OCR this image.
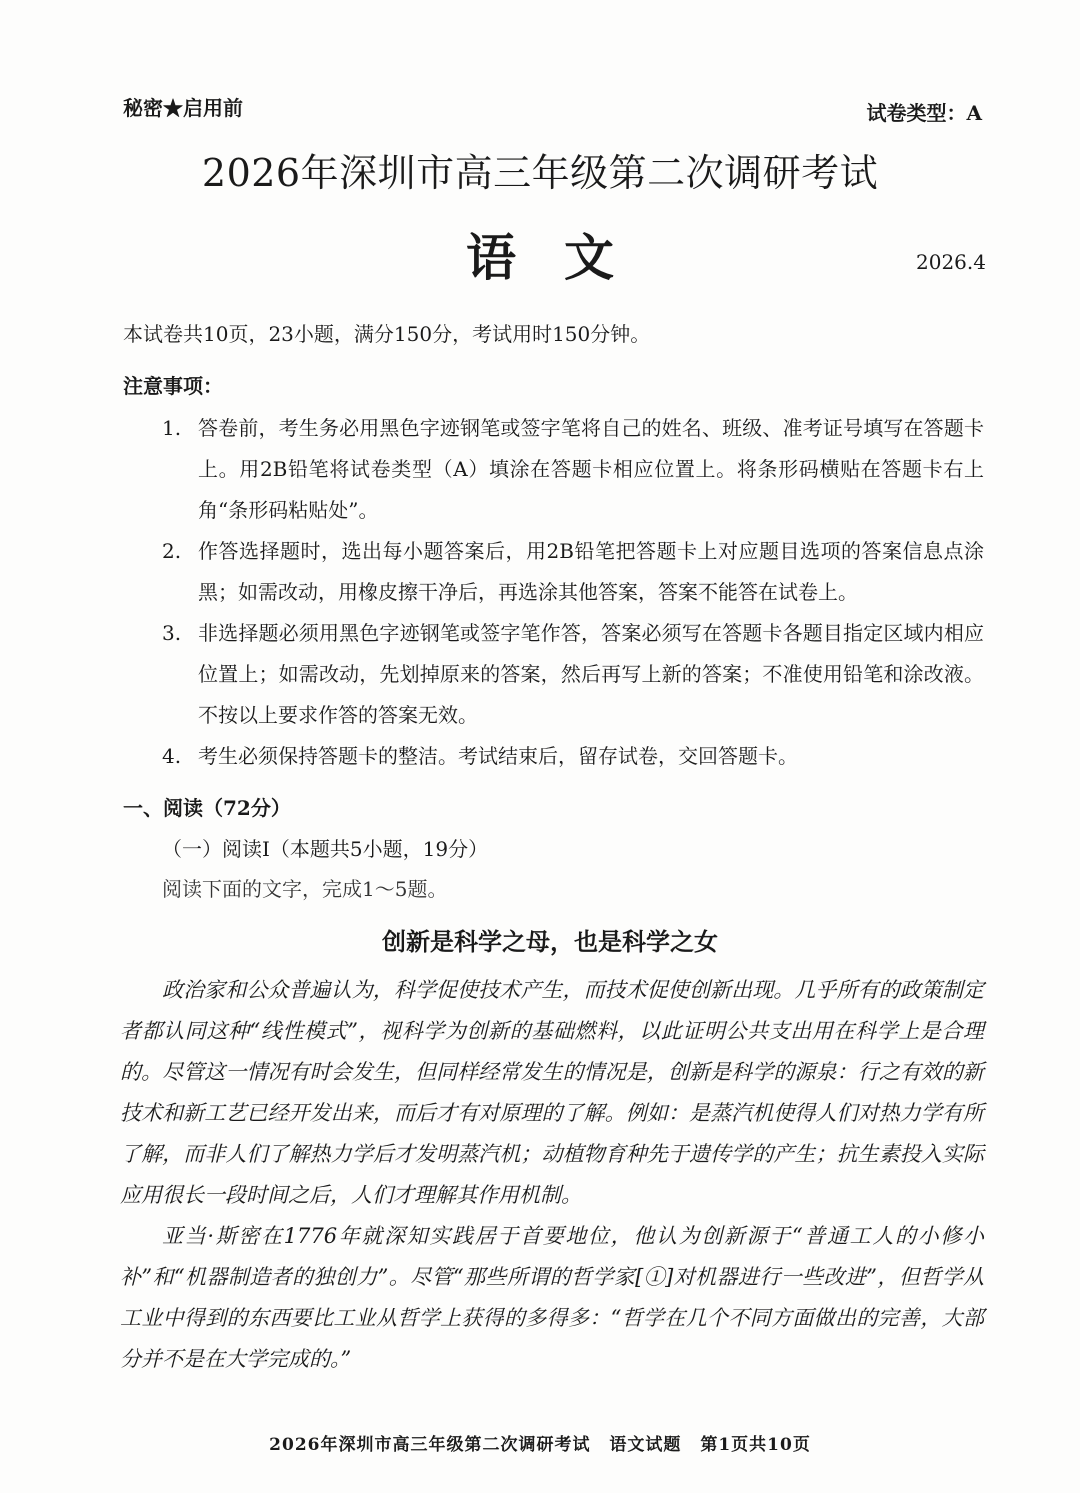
秘密★启用前	试卷类型：A
2026年深圳市高三年级第二次调研考试
语文	2026.4
本试卷共10页，23小题，满分150分，考试用时150分钟。
注意事项：
1. 答卷前，考生务必用黑色字迹钢笔或签字笔将自己的姓名、班级、准考证号填写在答题卡上。用2B铅笔将试卷类型（A）填涂在答题卡相应位置上。将条形码横贴在答题卡右上角“条形码粘贴处”。
2. 作答选择题时，选出每小题答案后，用2B铅笔把答题卡上对应题目选项的答案信息点涂黑；如需改动，用橡皮擦干净后，再选涂其他答案，答案不能答在试卷上。
3. 非选择题必须用黑色字迹钢笔或签字笔作答，答案必须写在答题卡各题目指定区域内相应位置上；如需改动，先划掉原来的答案，然后再写上新的答案；不准使用铅笔和涂改液。不按以上要求作答的答案无效。
4. 考生必须保持答题卡的整洁。考试结束后，留存试卷，交回答题卡。
一、阅读（72分）
（一）阅读Ⅰ（本题共5小题，19分）
阅读下面的文字，完成1～5题。
创新是科学之母，也是科学之女

政治家和公众普遍认为，科学促使技术产生，而技术促使创新出现。几乎所有的政策制定者都认同这种“线性模式”，视科学为创新的基础燃料，以此证明公共支出用在科学上是合理的。尽管这一情况有时会发生，但同样经常发生的情况是，创新是科学的源泉：行之有效的新技术和新工艺已经开发出来，而后才有对原理的了解。例如：是蒸汽机使得人们对热力学有所了解，而非人们了解热力学后才发明蒸汽机；动植物育种先于遗传学的产生；抗生素投入实际应用很长一段时间之后，人们才理解其作用机制。

亚当·斯密在1776年就深知实践居于首要地位，他认为创新源于“普通工人的小修小补”和“机器制造者的独创力”。尽管“那些所谓的哲学家[①]对机器进行一些改进”，但哲学从工业中得到的东西要比工业从哲学上获得的多得多：“哲学在几个不同方面做出的完善，大部分并不是在大学完成的。”

2026年深圳市高三年级第二次调研考试 语文试题 第1页共10页
